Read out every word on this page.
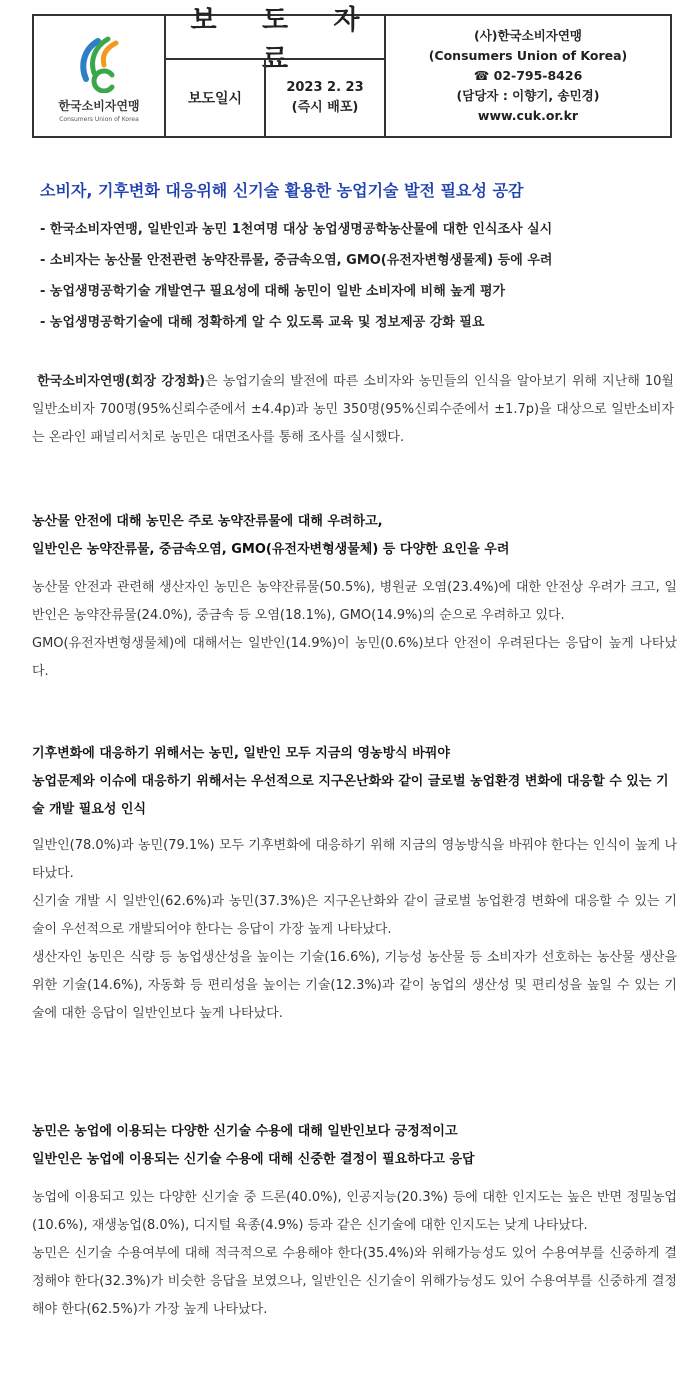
한국소비자연맹
Consumers Union of Korea
보 도 자 료
보도일시
2023 2. 23
(즉시 배포)
(사)한국소비자연맹
(Consumers Union of Korea)
☎ 02-795-8426
(담당자 : 이향기, 송민경)
www.cuk.or.kr
소비자, 기후변화 대응위해 신기술 활용한 농업기술 발전 필요성 공감
- 한국소비자연맹, 일반인과 농민 1천여명 대상 농업생명공학농산물에 대한 인식조사 실시
- 소비자는 농산물 안전관련 농약잔류물, 중금속오염, GMO(유전자변형생물제) 등에 우려
- 농업생명공학기술 개발연구 필요성에 대해 농민이 일반 소비자에 비해 높게 평가
- 농업생명공학기술에 대해 정확하게 알 수 있도록 교육 및 정보제공 강화 필요
한국소비자연맹(회장 강정화)은 농업기술의 발전에 따른 소비자와 농민들의 인식을 알아보기 위해 지난해 10월 일반소비자 700명(95%신뢰수준에서 ±4.4p)과 농민 350명(95%신뢰수준에서 ±1.7p)을 대상으로 일반소비자는 온라인 패널리서치로 농민은 대면조사를 통해 조사를 실시했다.
농산물 안전에 대해 농민은 주로 농약잔류물에 대해 우려하고,
일반인은 농약잔류물, 중금속오염, GMO(유전자변형생물체) 등 다양한 요인을 우려
농산물 안전과 관련해 생산자인 농민은 농약잔류물(50.5%), 병원균 오염(23.4%)에 대한 안전상 우려가 크고, 일반인은 농약잔류물(24.0%), 중금속 등 오염(18.1%), GMO(14.9%)의 순으로 우려하고 있다.
GMO(유전자변형생물체)에 대해서는 일반인(14.9%)이 농민(0.6%)보다 안전이 우려된다는 응답이 높게 나타났다.
기후변화에 대응하기 위해서는 농민, 일반인 모두 지금의 영농방식 바꿔야
농업문제와 이슈에 대응하기 위해서는 우선적으로 지구온난화와 같이 글로벌 농업환경 변화에 대응할 수 있는 기술 개발 필요성 인식
일반인(78.0%)과 농민(79.1%) 모두 기후변화에 대응하기 위해 지금의 영농방식을 바꿔야 한다는 인식이 높게 나타났다.
신기술 개발 시 일반인(62.6%)과 농민(37.3%)은 지구온난화와 같이 글로벌 농업환경 변화에 대응할 수 있는 기술이 우선적으로 개발되어야 한다는 응답이 가장 높게 나타났다.
생산자인 농민은 식량 등 농업생산성을 높이는 기술(16.6%), 기능성 농산물 등 소비자가 선호하는 농산물 생산을 위한 기술(14.6%), 자동화 등 편리성을 높이는 기술(12.3%)과 같이 농업의 생산성 및 편리성을 높일 수 있는 기술에 대한 응답이 일반인보다 높게 나타났다.
농민은 농업에 이용되는 다양한 신기술 수용에 대해 일반인보다 긍정적이고
일반인은 농업에 이용되는 신기술 수용에 대해 신중한 결정이 필요하다고 응답
농업에 이용되고 있는 다양한 신기술 중 드론(40.0%), 인공지능(20.3%) 등에 대한 인지도는 높은 반면 정밀농업(10.6%), 재생농업(8.0%), 디지털 육종(4.9%) 등과 같은 신기술에 대한 인지도는 낮게 나타났다.
농민은 신기술 수용여부에 대해 적극적으로 수용해야 한다(35.4%)와 위해가능성도 있어 수용여부를 신중하게 결정해야 한다(32.3%)가 비슷한 응답을 보였으나, 일반인은 신기술이 위해가능성도 있어 수용여부를 신중하게 결정해야 한다(62.5%)가 가장 높게 나타났다.
